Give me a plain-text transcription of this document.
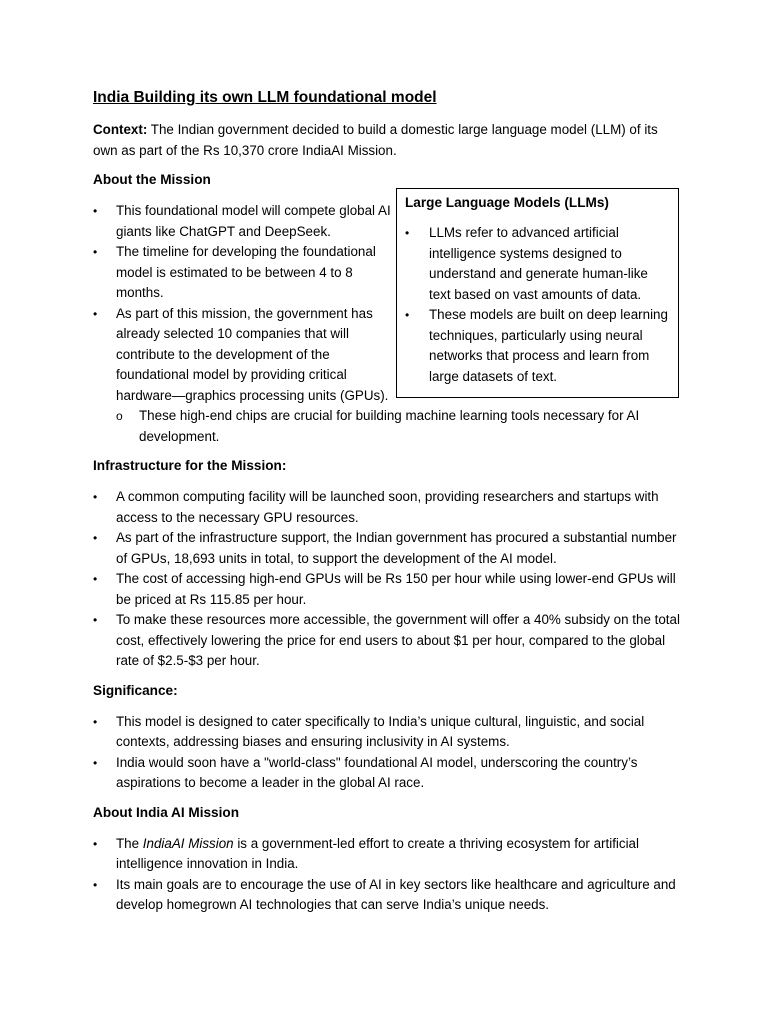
India Building its own LLM foundational model

Context: The Indian government decided to build a domestic large language model (LLM) of its own as part of the Rs 10,370 crore IndiaAI Mission.

About the Mission
• This foundational model will compete global AI giants like ChatGPT and DeepSeek.
• The timeline for developing the foundational model is estimated to be between 4 to 8 months.
• As part of this mission, the government has already selected 10 companies that will contribute to the development of the foundational model by providing critical

hardware—graphics processing units (GPUs).

o These high-end chips are crucial for building machine learning tools necessary for AI development.
Large Language Models (LLMs)
• LLMs refer to advanced artificial intelligence systems designed to understand and generate human-like text based on vast amounts of data.
• These models are built on deep learning techniques, particularly using neural networks that process and learn from large datasets of text.
Infrastructure for the Mission:
• A common computing facility will be launched soon, providing researchers and startups with access to the necessary GPU resources.
• As part of the infrastructure support, the Indian government has procured a substantial number of GPUs, 18,693 units in total, to support the development of the AI model.
• The cost of accessing high-end GPUs will be Rs 150 per hour while using lower-end GPUs will be priced at Rs 115.85 per hour.
• To make these resources more accessible, the government will offer a 40% subsidy on the total cost, effectively lowering the price for end users to about $1 per hour, compared to the global rate of $2.5-$3 per hour.
Significance:
• This model is designed to cater specifically to India’s unique cultural, linguistic, and social contexts, addressing biases and ensuring inclusivity in AI systems.
• India would soon have a "world-class" foundational AI model, underscoring the country’s aspirations to become a leader in the global AI race.
About India AI Mission
• The IndiaAI Mission is a government-led effort to create a thriving ecosystem for artificial intelligence innovation in India.
• Its main goals are to encourage the use of AI in key sectors like healthcare and agriculture and develop homegrown AI technologies that can serve India’s unique needs.
